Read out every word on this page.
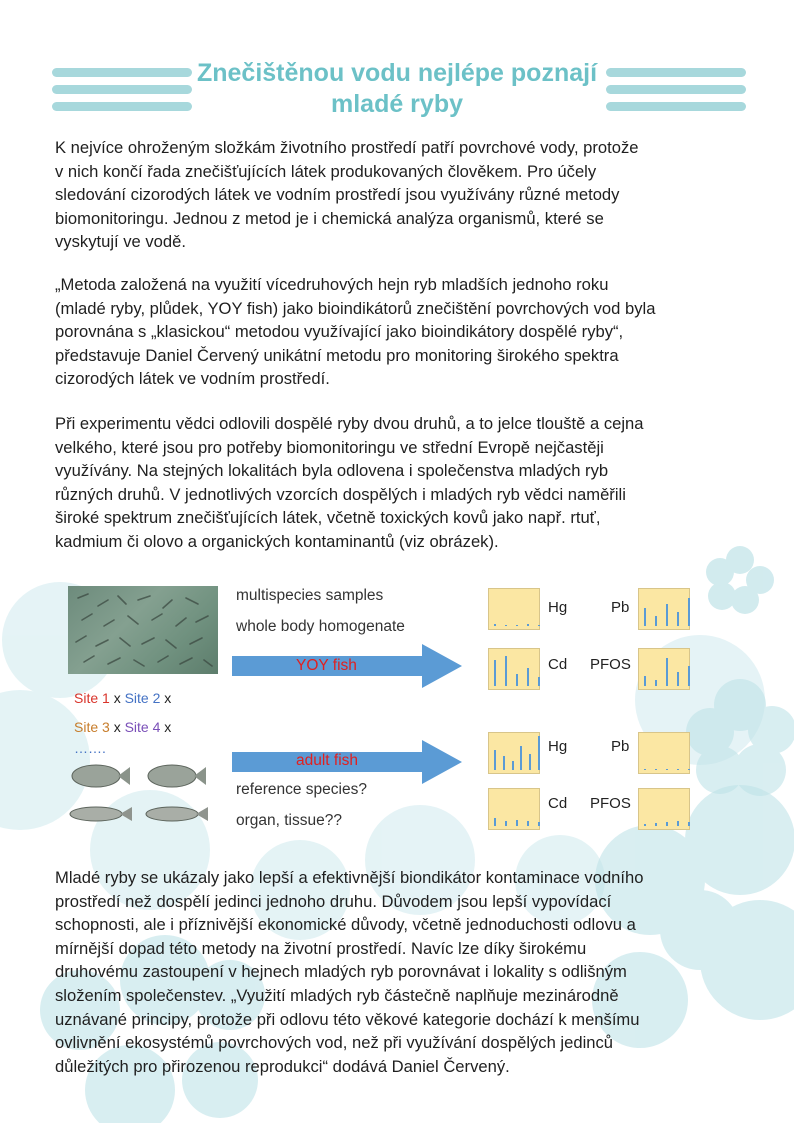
Znečištěnou vodu nejlépe poznají
mladé ryby
K nejvíce ohroženým složkám životního prostředí patří povrchové vody, protože
v nich končí řada znečišťujících látek produkovaných člověkem. Pro účely
sledování cizorodých látek ve vodním prostředí jsou využívány různé metody
biomonitoringu. Jednou z metod je i chemická analýza organismů, které se
vyskytují ve vodě.
„Metoda založená na využití vícedruhových hejn ryb mladších jednoho roku
(mladé ryby, plůdek, YOY fish) jako bioindikátorů znečištění povrchových vod byla
porovnána s „klasickou“ metodou využívající jako bioindikátory dospělé ryby“,
představuje Daniel Červený unikátní metodu pro monitoring širokého spektra
cizorodých látek ve vodním prostředí.
Při experimentu vědci odlovili dospělé ryby dvou druhů, a to jelce tlouště a cejna
velkého, které jsou pro potřeby biomonitoringu ve střední Evropě nejčastěji
využívány. Na stejných lokalitách byla odlovena i společenstva mladých ryb
různých druhů. V jednotlivých vzorcích dospělých i mladých ryb vědci naměřili
široké spektrum znečišťujících látek, včetně toxických kovů jako např. rtuť,
kadmium či olovo a organických kontaminantů (viz obrázek).
multispecies samples
whole body homogenate
YOY fish
Site 1 x Site 2 x
Site 3 x Site 4 x
…….
adult fish
reference species?
organ, tissue??
Hg	Pb
Cd PFOS
Hg	Pb
Cd PFOS
Mladé ryby se ukázaly jako lepší a efektivnější biondikátor kontaminace vodního
prostředí než dospělí jedinci jednoho druhu. Důvodem jsou lepší vypovídací
schopnosti, ale i příznivější ekonomické důvody, včetně jednoduchosti odlovu a
mírnější dopad této metody na životní prostředí. Navíc lze díky širokému
druhovému zastoupení v hejnech mladých ryb porovnávat i lokality s odlišným
složením společenstev. „Využití mladých ryb částečně naplňuje mezinárodně
uznávané principy, protože při odlovu této věkové kategorie dochází k menšímu
ovlivnění ekosystémů povrchových vod, než při využívání dospělých jedinců
důležitých pro přirozenou reprodukci“ dodává Daniel Červený.
